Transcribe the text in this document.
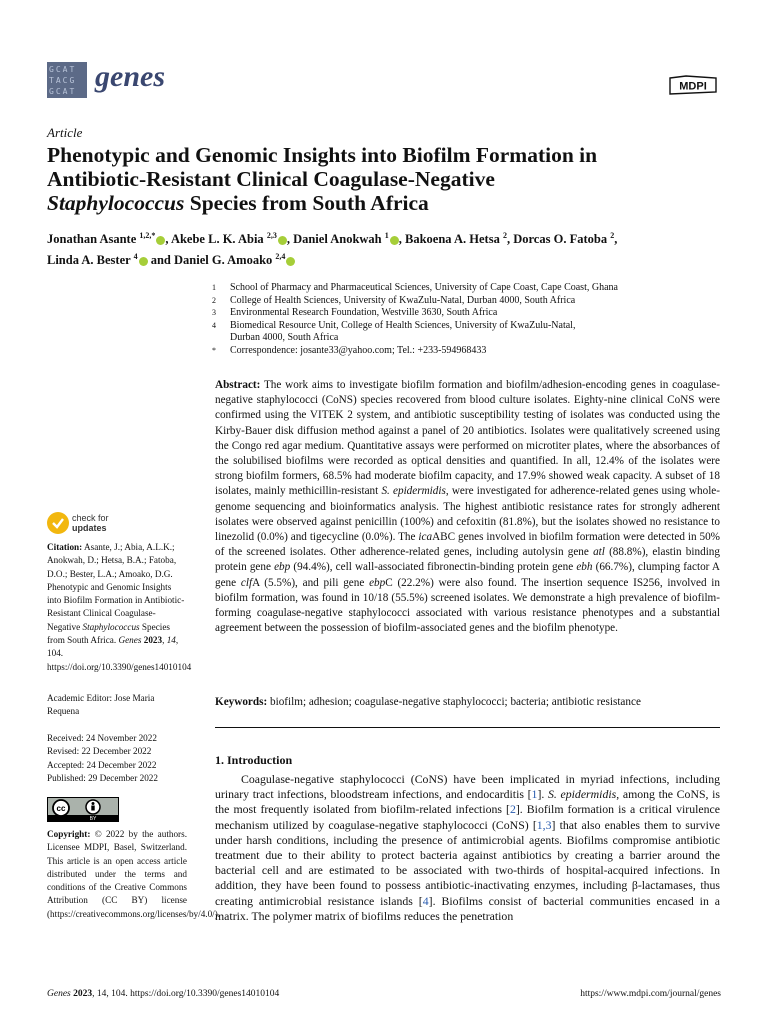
GCAT
TACG
GCAT genes	MDPI
Article
Phenotypic and Genomic Insights into Biofilm Formation in
Antibiotic-Resistant Clinical Coagulase-Negative
Staphylococcus Species from South Africa
Jonathan Asante $^{1,2,*}$ , Akebe L. K. Abia $^{2,3}$ , Daniel Anokwah $^1$ , Bakoena A. Hetsa $^2$, Dorcas O. Fatoba $^2$,
Linda A. Bester $^4$ and Daniel G. Amoako $^{2,4}$
1	School of Pharmacy and Pharmaceutical Sciences, University of Cape Coast, Cape Coast, Ghana
2	College of Health Sciences, University of KwaZulu-Natal, Durban 4000, South Africa
3	Environmental Research Foundation, Westville 3630, South Africa
4	Biomedical Resource Unit, College of Health Sciences, University of KwaZulu-Natal,
Durban 4000, South Africa
*	Correspondence: josante33@yahoo.com; Tel.: +233-594968433
Abstract: The work aims to investigate biofilm formation and biofilm/adhesion-encoding genes in coagulase-negative staphylococci (CoNS) species recovered from blood culture isolates. Eighty-nine clinical CoNS were confirmed using the VITEK 2 system, and antibiotic susceptibility testing of isolates was conducted using the Kirby-Bauer disk diffusion method against a panel of 20 antibiotics. Isolates were qualitatively screened using the Congo red agar medium. Quantitative assays were performed on microtiter plates, where the absorbances of the solubilised biofilms were recorded as optical densities and quantified. In all, 12.4% of the isolates were strong biofilm formers, 68.5% had moderate biofilm capacity, and 17.9% showed weak capacity. A subset of 18 isolates, mainly methicillin-resistant S. epidermidis, were investigated for adherence-related genes using whole-genome sequencing and bioinformatics analysis. The highest antibiotic resistance rates for strongly adherent isolates were observed against penicillin (100%) and cefoxitin (81.8%), but the isolates showed no resistance to linezolid (0.0%) and tigecycline (0.0%). The icaABC genes involved in biofilm formation were detected in 50% of the screened isolates. Other adherence-related genes, including autolysin gene atl (88.8%), elastin binding protein gene ebp (94.4%), cell wall-associated fibronectin-binding protein gene ebh (66.7%), clumping factor A gene clfA (5.5%), and pili gene ebpC (22.2%) were also found. The insertion sequence IS256, involved in biofilm formation, was found in 10/18 (55.5%) screened isolates. We demonstrate a high prevalence of biofilm-forming coagulase-negative staphylococci associated with various resistance phenotypes and a substantial agreement between the possession of biofilm-associated genes and the biofilm phenotype.
Keywords: biofilm; adhesion; coagulase-negative staphylococci; bacteria; antibiotic resistance
1. Introduction
Coagulase-negative staphylococci (CoNS) have been implicated in myriad infections, including urinary tract infections, bloodstream infections, and endocarditis [1]. S. epidermidis, among the CoNS, is the most frequently isolated from biofilm-related infections [2]. Biofilm formation is a critical virulence mechanism utilized by coagulase-negative staphylococci (CoNS) [1,3] that also enables them to survive under harsh conditions, including the presence of antimicrobial agents. Biofilms compromise antibiotic treatment due to their ability to protect bacteria against antibiotics by creating a barrier around the bacterial cell and are estimated to be associated with two-thirds of hospital-acquired infections. In addition, they have been found to possess antibiotic-inactivating enzymes, including β-lactamases, thus creating antimicrobial resistance islands [4]. Biofilms consist of bacterial communities encased in a matrix. The polymer matrix of biofilms reduces the penetration
check for
updates
Citation: Asante, J.; Abia, A.L.K.; Anokwah, D.; Hetsa, B.A.; Fatoba, D.O.; Bester, L.A.; Amoako, D.G. Phenotypic and Genomic Insights into Biofilm Formation in Antibiotic-Resistant Clinical Coagulase-Negative Staphylococcus Species from South Africa. Genes 2023, 14, 104. https://doi.org/10.3390/genes14010104
Academic Editor: Jose Maria Requena
Received: 24 November 2022
Revised: 22 December 2022
Accepted: 24 December 2022
Published: 29 December 2022
cc
BY
Copyright: © 2022 by the authors. Licensee MDPI, Basel, Switzerland. This article is an open access article distributed under the terms and conditions of the Creative Commons Attribution (CC BY) license (https://creativecommons.org/licenses/by/4.0/).
Genes 2023, 14, 104. https://doi.org/10.3390/genes14010104	https://www.mdpi.com/journal/genes
